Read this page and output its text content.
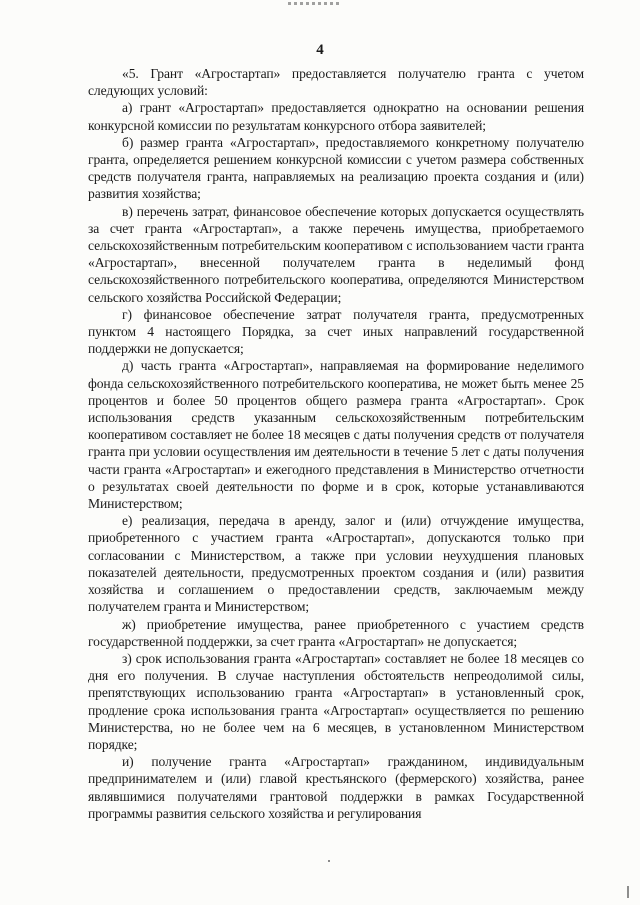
4

«5. Грант «Агростартап» предоставляется получателю гранта с учетом следующих условий:

а) грант «Агростартап» предоставляется однократно на основании решения конкурсной комиссии по результатам конкурсного отбора заявителей;

б) размер гранта «Агростартап», предоставляемого конкретному получателю гранта, определяется решением конкурсной комиссии с учетом размера собственных средств получателя гранта, направляемых на реализацию проекта создания и (или) развития хозяйства;

в) перечень затрат, финансовое обеспечение которых допускается осуществлять за счет гранта «Агростартап», а также перечень имущества, приобретаемого сельскохозяйственным потребительским кооперативом с использованием части гранта «Агростартап», внесенной получателем гранта в неделимый фонд сельскохозяйственного потребительского кооператива, определяются Министерством сельского хозяйства Российской Федерации;

г) финансовое обеспечение затрат получателя гранта, предусмотренных пунктом 4 настоящего Порядка, за счет иных направлений государственной поддержки не допускается;

д) часть гранта «Агростартап», направляемая на формирование неделимого фонда сельскохозяйственного потребительского кооператива, не может быть менее 25 процентов и более 50 процентов общего размера гранта «Агростартап». Срок использования средств указанным сельскохозяйственным потребительским кооперативом составляет не более 18 месяцев с даты получения средств от получателя гранта при условии осуществления им деятельности в течение 5 лет с даты получения части гранта «Агростартап» и ежегодного представления в Министерство отчетности о результатах своей деятельности по форме и в срок, которые устанавливаются Министерством;

е) реализация, передача в аренду, залог и (или) отчуждение имущества, приобретенного с участием гранта «Агростартап», допускаются только при согласовании с Министерством, а также при условии неухудшения плановых показателей деятельности, предусмотренных проектом создания и (или) развития хозяйства и соглашением о предоставлении средств, заключаемым между получателем гранта и Министерством;

ж) приобретение имущества, ранее приобретенного с участием средств государственной поддержки, за счет гранта «Агростартап» не допускается;

з) срок использования гранта «Агростартап» составляет не более 18 месяцев со дня его получения. В случае наступления обстоятельств непреодолимой силы, препятствующих использованию гранта «Агростартап» в установленный срок, продление срока использования гранта «Агростартап» осуществляется по решению Министерства, но не более чем на 6 месяцев, в установленном Министерством порядке;

и) получение гранта «Агростартап» гражданином, индивидуальным предпринимателем и (или) главой крестьянского (фермерского) хозяйства, ранее являвшимися получателями грантовой поддержки в рамках Государственной программы развития сельского хозяйства и регулирования
